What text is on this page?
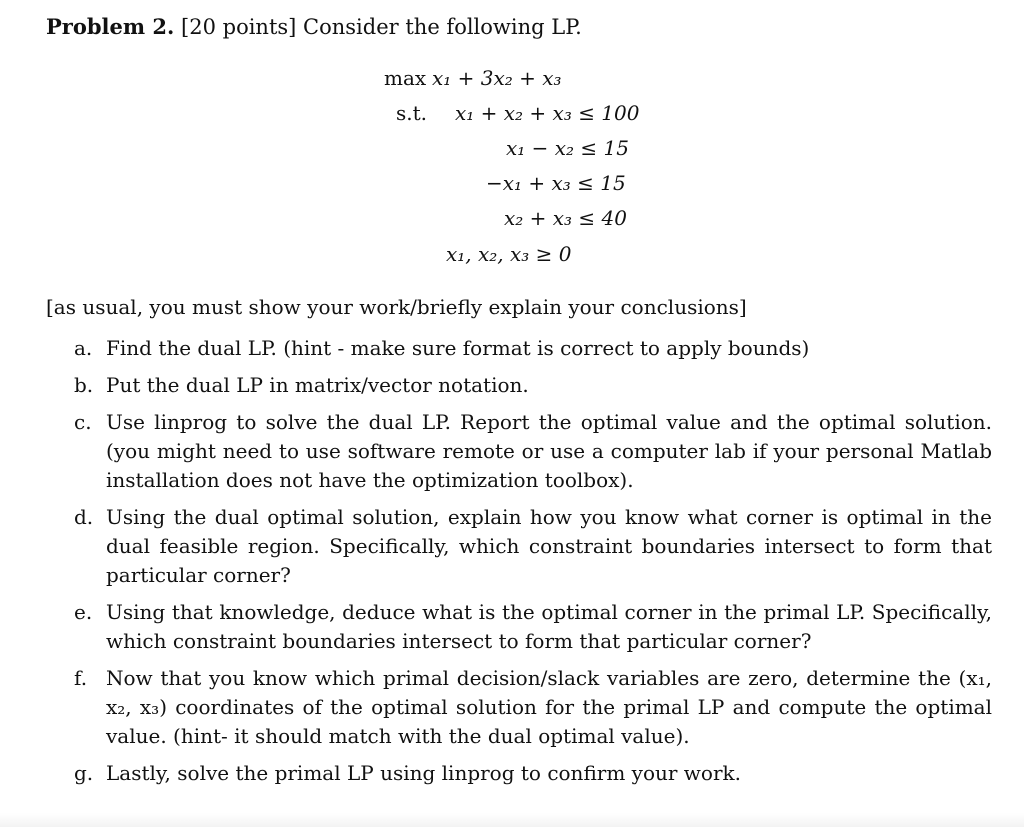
Problem 2. [20 points] Consider the following LP.
max x₁ + 3x₂ + x₃
s.t. x₁ + x₂ + x₃ ≤ 100
x₁ − x₂ ≤ 15
−x₁ + x₃ ≤ 15
x₂ + x₃ ≤ 40
x₁, x₂, x₃ ≥ 0
[as usual, you must show your work/briefly explain your conclusions]
a. Find the dual LP. (hint - make sure format is correct to apply bounds)
b. Put the dual LP in matrix/vector notation.
c. Use linprog to solve the dual LP. Report the optimal value and the optimal solution. (you might need to use software remote or use a computer lab if your personal Matlab installation does not have the optimization toolbox).
d. Using the dual optimal solution, explain how you know what corner is optimal in the dual feasible region. Specifically, which constraint boundaries intersect to form that particular corner?
e. Using that knowledge, deduce what is the optimal corner in the primal LP. Specifically, which constraint boundaries intersect to form that particular corner?
f. Now that you know which primal decision/slack variables are zero, determine the (x₁, x₂, x₃) coordinates of the optimal solution for the primal LP and compute the optimal value. (hint- it should match with the dual optimal value).
g. Lastly, solve the primal LP using linprog to confirm your work.
